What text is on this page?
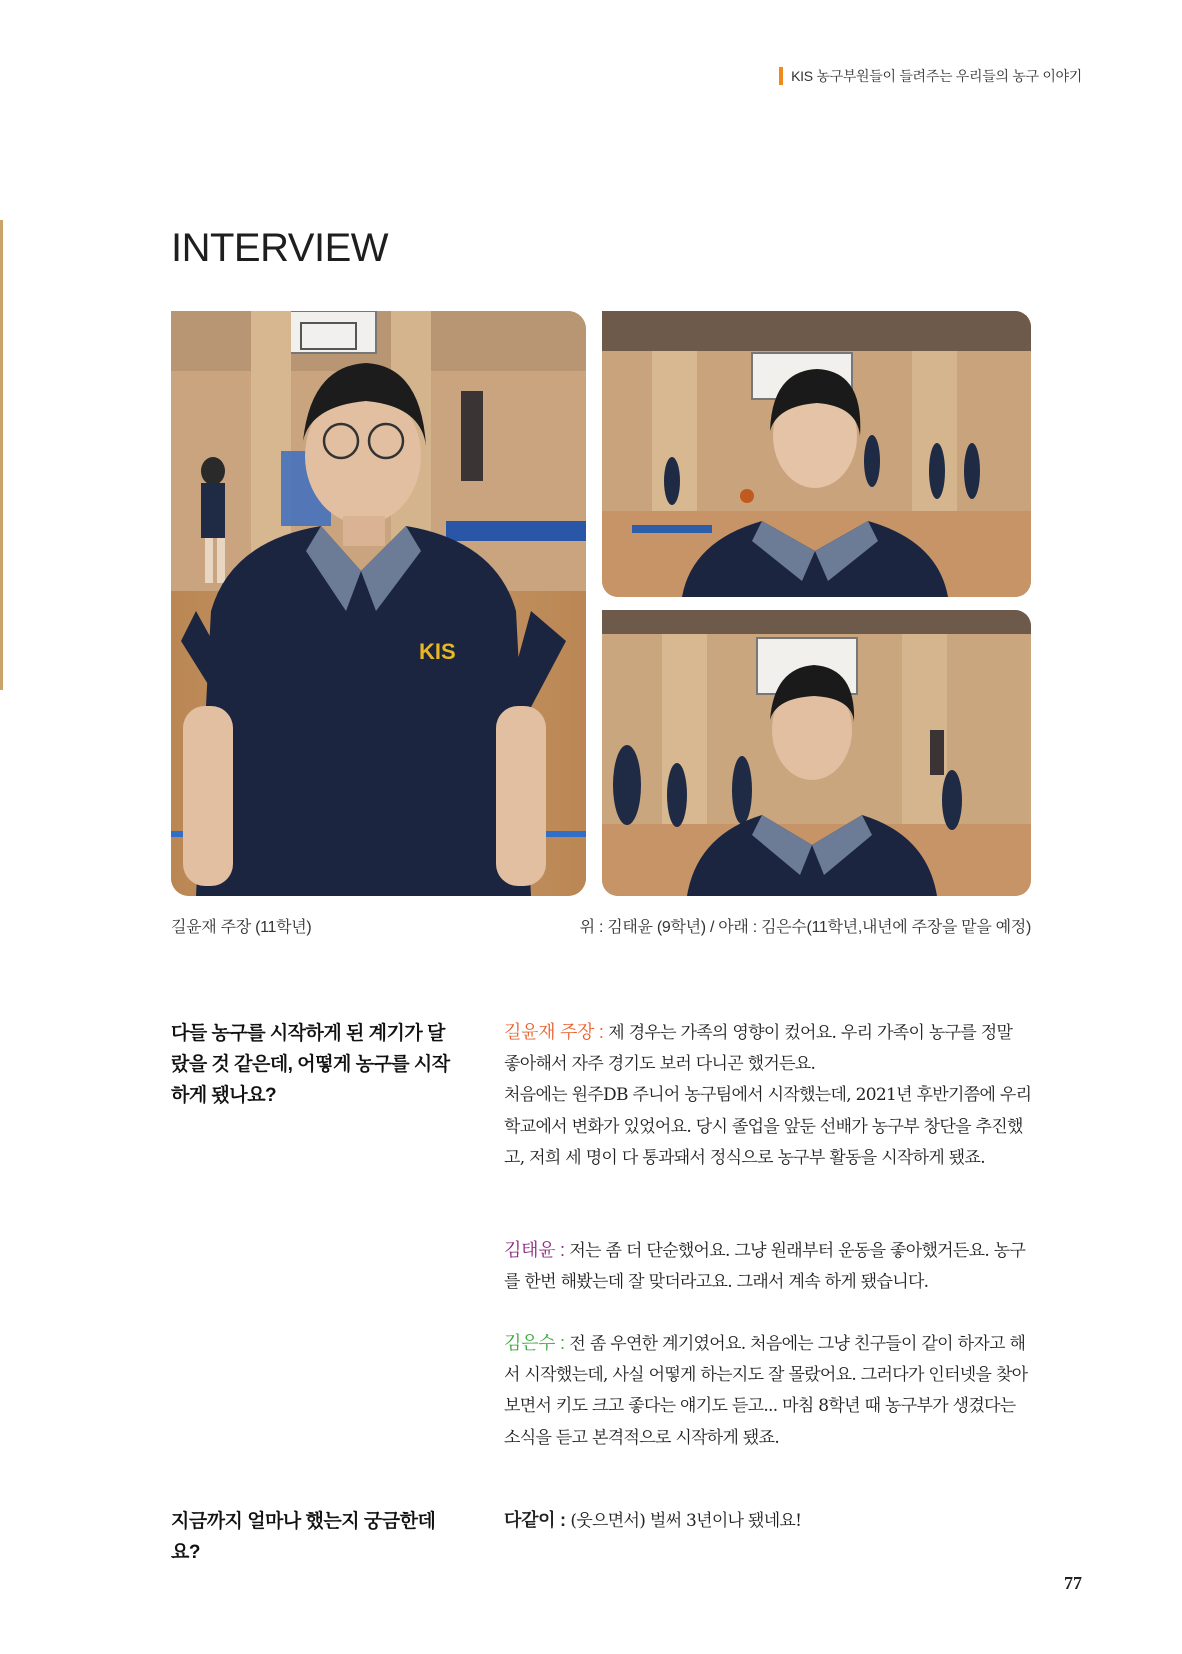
KIS 농구부원들이 들려주는 우리들의 농구 이야기
INTERVIEW
KIS
길윤재 주장 (11학년)	위 : 김태윤 (9학년) / 아래 : 김은수(11학년,내년에 주장을 맡을 예정)
다들 농구를 시작하게 된 계기가 달랐을 것 같은데, 어떻게 농구를 시작하게 됐나요?

길윤재 주장 : 제 경우는 가족의 영향이 컸어요. 우리 가족이 농구를 정말 좋아해서 자주 경기도 보러 다니곤 했거든요.

처음에는 원주DB 주니어 농구팀에서 시작했는데, 2021년 후반기쯤에 우리 학교에서 변화가 있었어요. 당시 졸업을 앞둔 선배가 농구부 창단을 추진했고, 저희 세 명이 다 통과돼서 정식으로 농구부 활동을 시작하게 됐죠.

김태윤 : 저는 좀 더 단순했어요. 그냥 원래부터 운동을 좋아했거든요. 농구를 한번 해봤는데 잘 맞더라고요. 그래서 계속 하게 됐습니다.

김은수 : 전 좀 우연한 계기였어요. 처음에는 그냥 친구들이 같이 하자고 해서 시작했는데, 사실 어떻게 하는지도 잘 몰랐어요. 그러다가 인터넷을 찾아보면서 키도 크고 좋다는 얘기도 듣고... 마침 8학년 때 농구부가 생겼다는 소식을 듣고 본격적으로 시작하게 됐죠.

지금까지 얼마나 했는지 궁금한데요?

다같이 : (웃으면서) 벌써 3년이나 됐네요!

77
